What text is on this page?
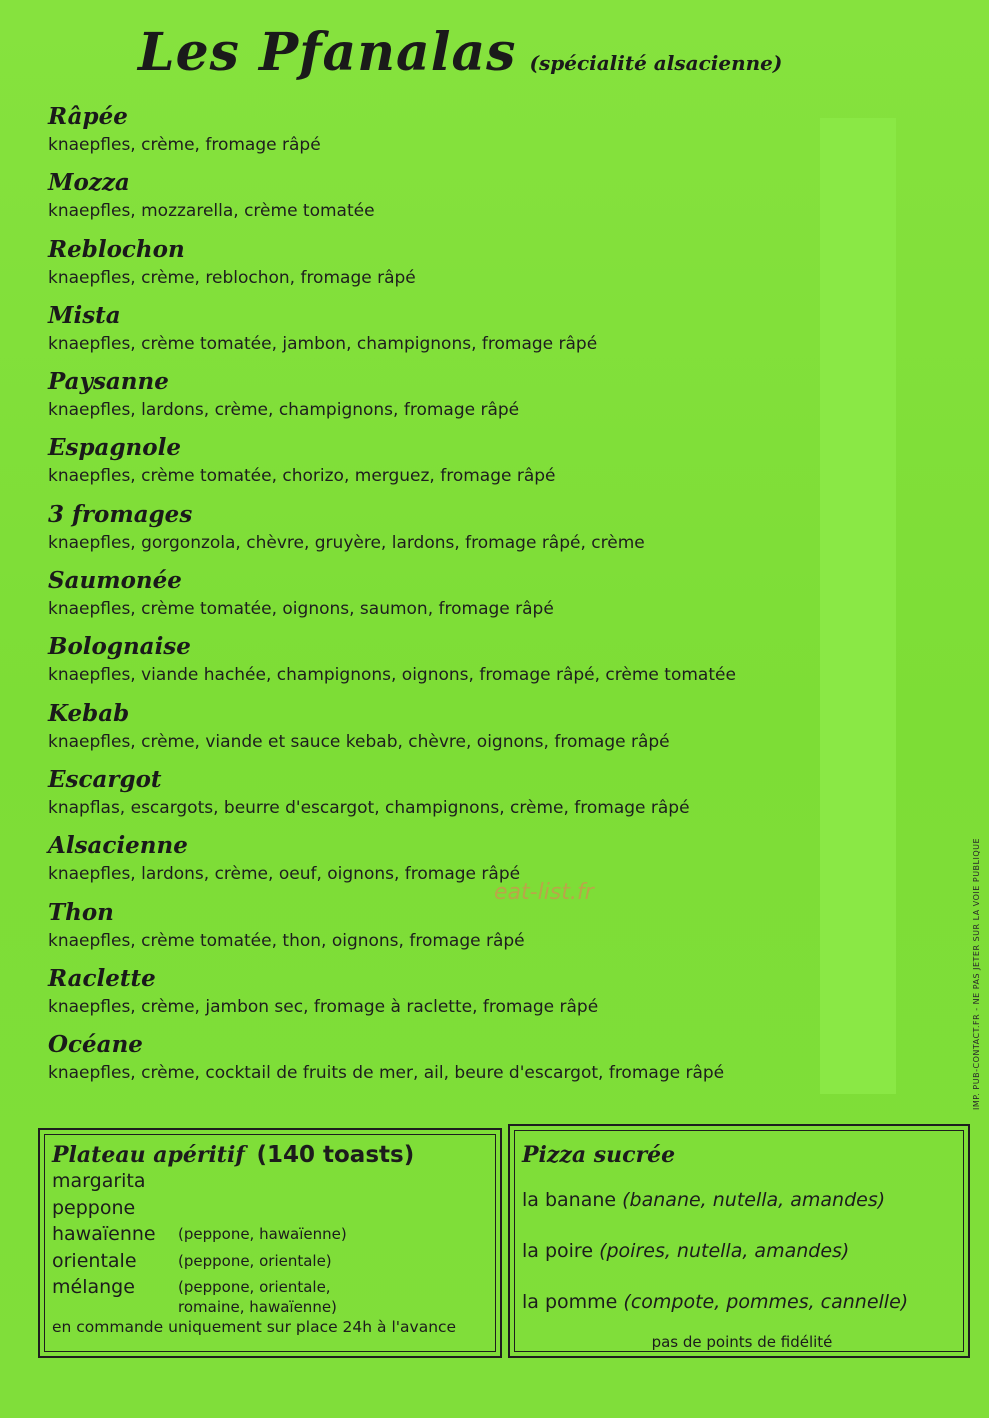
Les Pfanalas (spécialité alsacienne)
Râpée
knaepfles, crème, fromage râpé
Mozza
knaepfles, mozzarella, crème tomatée
Reblochon
knaepfles, crème, reblochon, fromage râpé
Mista
knaepfles, crème tomatée, jambon, champignons, fromage râpé
Paysanne
knaepfles, lardons, crème, champignons, fromage râpé
Espagnole
knaepfles, crème tomatée, chorizo, merguez, fromage râpé
3 fromages
knaepfles, gorgonzola, chèvre, gruyère, lardons, fromage râpé, crème
Saumonée
knaepfles, crème tomatée, oignons, saumon, fromage râpé
Bolognaise
knaepfles, viande hachée, champignons, oignons, fromage râpé, crème tomatée
Kebab
knaepfles, crème, viande et sauce kebab, chèvre, oignons, fromage râpé
Escargot
knapflas, escargots, beurre d'escargot, champignons, crème, fromage râpé
Alsacienne
knaepfles, lardons, crème, oeuf, oignons, fromage râpé
Thon
knaepfles, crème tomatée, thon, oignons, fromage râpé
Raclette
knaepfles, crème, jambon sec, fromage à raclette, fromage râpé
Océane
knaepfles, crème, cocktail de fruits de mer, ail, beure d'escargot, fromage râpé
eat-list.fr	IMP. PUB-CONTACT.FR - NE PAS JETER SUR LA VOIE PUBLIQUE
Plateau apéritif (140 toasts)
margarita
peppone
hawaïenne (peppone, hawaïenne)
orientale	(peppone, orientale)
mélange	(peppone, orientale, romaine, hawaïenne)
en commande uniquement sur place 24h à l'avance
Pizza sucrée
la banane (banane, nutella, amandes)
la poire (poires, nutella, amandes)
la pomme (compote, pommes, cannelle)
pas de points de fidélité
